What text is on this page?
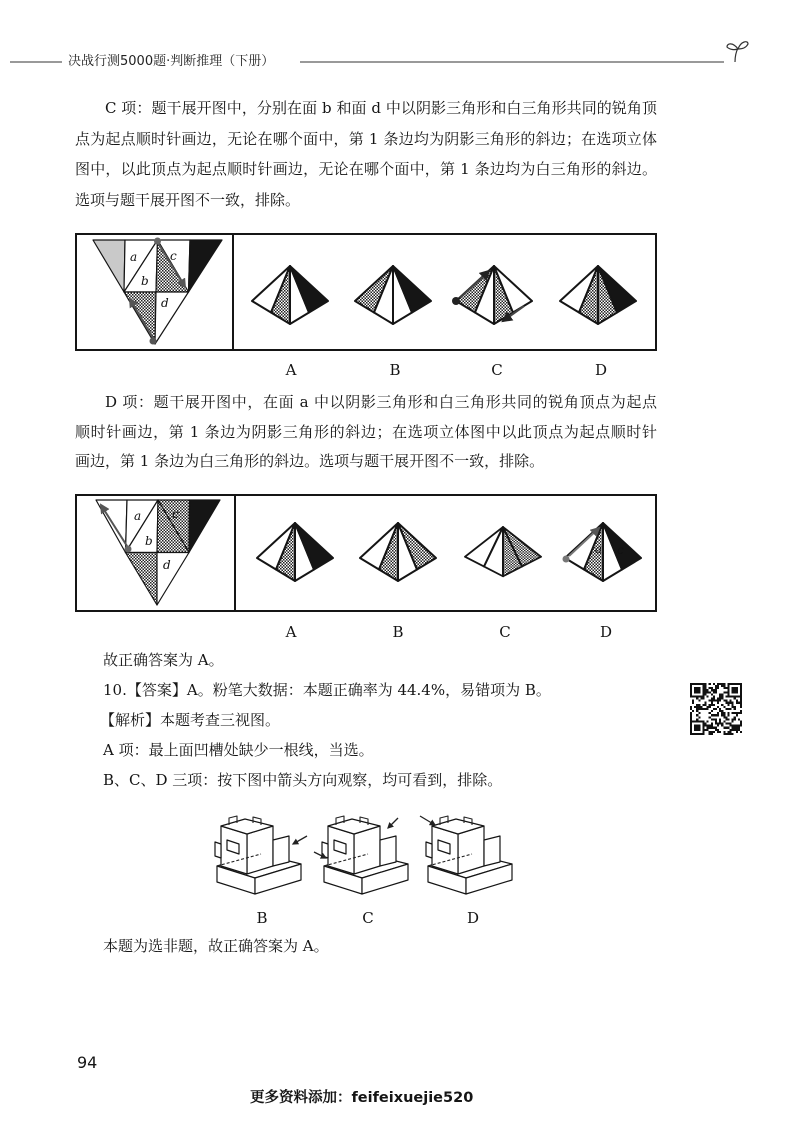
决战行测5000题·判断推理（下册）
C 项：题干展开图中，分别在面 b 和面 d 中以阴影三角形和白三角形共同的锐角顶
点为起点顺时针画边，无论在哪个面中，第 1 条边均为阴影三角形的斜边；在选项立体
图中，以此顶点为起点顺时针画边，无论在哪个面中，第 1 条边均为白三角形的斜边。
选项与题干展开图不一致，排除。
a
b
c
d
A	B	C	D
D 项：题干展开图中，在面 a 中以阴影三角形和白三角形共同的锐角顶点为起点
顺时针画边，第 1 条边为阴影三角形的斜边；在选项立体图中以此顶点为起点顺时针
画边，第 1 条边为白三角形的斜边。选项与题干展开图不一致，排除。
a
b
c
d
a c
A	B	C	D
故正确答案为 A。
10.【答案】A。粉笔大数据：本题正确率为 44.4%，易错项为 B。
【解析】本题考查三视图。
A 项：最上面凹槽处缺少一根线，当选。
B、C、D 三项：按下图中箭头方向观察，均可看到，排除。
B	C	D
本题为选非题，故正确答案为 A。
94
更多资料添加：feifeixuejie520
